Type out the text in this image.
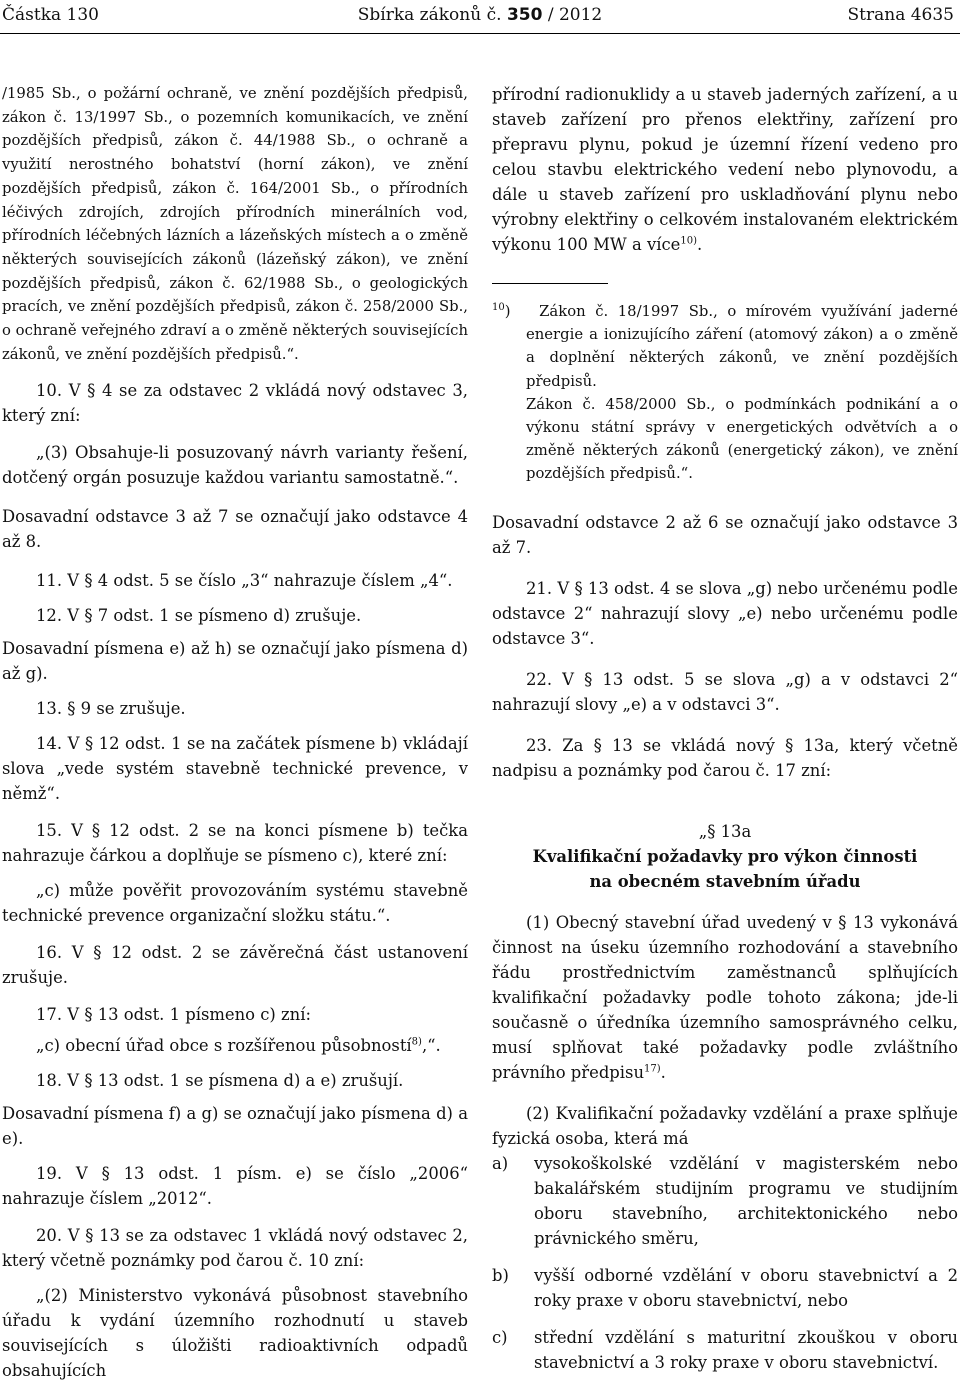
Částka 130	Sbírka zákonů č. 350 / 2012	Strana 4635

/1985 Sb., o požární ochraně, ve znění pozdějších předpisů, zákon č. 13/1997 Sb., o pozemních komunikacích, ve znění pozdějších předpisů, zákon č. 44/1988 Sb., o ochraně a využití nerostného bohatství (horní zákon), ve znění pozdějších předpisů, zákon č. 164/2001 Sb., o přírodních léčivých zdrojích, zdrojích přírodních minerálních vod, přírodních léčebných lázních a lázeňských místech a o změně některých souvisejících zákonů (lázeňský zákon), ve znění pozdějších předpisů, zákon č. 62/1988 Sb., o geologických pracích, ve znění pozdějších předpisů, zákon č. 258/2000 Sb., o ochraně veřejného zdraví a o změně některých souvisejících zákonů, ve znění pozdějších předpisů.“.

10. V § 4 se za odstavec 2 vkládá nový odstavec 3, který zní:

„(3) Obsahuje-li posuzovaný návrh varianty řešení, dotčený orgán posuzuje každou variantu samostatně.“.

Dosavadní odstavce 3 až 7 se označují jako odstavce 4 až 8.

11. V § 4 odst. 5 se číslo „3“ nahrazuje číslem „4“.

12. V § 7 odst. 1 se písmeno d) zrušuje.

Dosavadní písmena e) až h) se označují jako písmena d) až g).

13. § 9 se zrušuje.

14. V § 12 odst. 1 se na začátek písmene b) vkládají slova „vede systém stavebně technické prevence, v němž“.

15. V § 12 odst. 2 se na konci písmene b) tečka nahrazuje čárkou a doplňuje se písmeno c), které zní:

„c) může pověřit provozováním systému stavebně technické prevence organizační složku státu.“.

16. V § 12 odst. 2 se závěrečná část ustanovení zrušuje.

17. V § 13 odst. 1 písmeno c) zní:

„c) obecní úřad obce s rozšířenou působností$^{8)}$,“.

18. V § 13 odst. 1 se písmena d) a e) zrušují.

Dosavadní písmena f) a g) se označují jako písmena d) a e).

19. V § 13 odst. 1 písm. e) se číslo „2006“ nahrazuje číslem „2012“.

20. V § 13 se za odstavec 1 vkládá nový odstavec 2, který včetně poznámky pod čarou č. 10 zní:

„(2) Ministerstvo vykonává působnost stavebního úřadu k vydání územního rozhodnutí u staveb souvisejících s úložišti radioaktivních odpadů obsahujících

přírodní radionuklidy a u staveb jaderných zařízení, a u staveb zařízení pro přenos elektřiny, zařízení pro přepravu plynu, pokud je územní řízení vedeno pro celou stavbu elektrického vedení nebo plynovodu, a dále u staveb zařízení pro uskladňování plynu nebo výrobny elektřiny o celkovém instalovaném elektrickém výkonu 100 MW a více$^{10)}$.

$^{10}$) Zákon č. 18/1997 Sb., o mírovém využívání jaderné energie a ionizujícího záření (atomový zákon) a o změně a doplnění některých zákonů, ve znění pozdějších předpisů.

Zákon č. 458/2000 Sb., o podmínkách podnikání a o výkonu státní správy v energetických odvětvích a o změně některých zákonů (energetický zákon), ve znění pozdějších předpisů.“.

Dosavadní odstavce 2 až 6 se označují jako odstavce 3 až 7.

21. V § 13 odst. 4 se slova „g) nebo určenému podle odstavce 2“ nahrazují slovy „e) nebo určenému podle odstavce 3“.

22. V § 13 odst. 5 se slova „g) a v odstavci 2“ nahrazují slovy „e) a v odstavci 3“.

23. Za § 13 se vkládá nový § 13a, který včetně nadpisu a poznámky pod čarou č. 17 zní:

„§ 13a

Kvalifikační požadavky pro výkon činnosti

na obecném stavebním úřadu

(1) Obecný stavební úřad uvedený v § 13 vykonává činnost na úseku územního rozhodování a stavebního řádu prostřednictvím zaměstnanců splňujících kvalifikační požadavky podle tohoto zákona; jde-li současně o úředníka územního samosprávného celku, musí splňovat také požadavky podle zvláštního právního předpisu$^{17)}$.

(2) Kvalifikační požadavky vzdělání a praxe splňuje fyzická osoba, která má

a) vysokoškolské vzdělání v magisterském nebo bakalářském studijním programu ve studijním oboru stavebního, architektonického nebo právnického směru,
b) vyšší odborné vzdělání v oboru stavebnictví a 2 roky praxe v oboru stavebnictví, nebo
c) střední vzdělání s maturitní zkouškou v oboru stavebnictví a 3 roky praxe v oboru stavebnictví.
